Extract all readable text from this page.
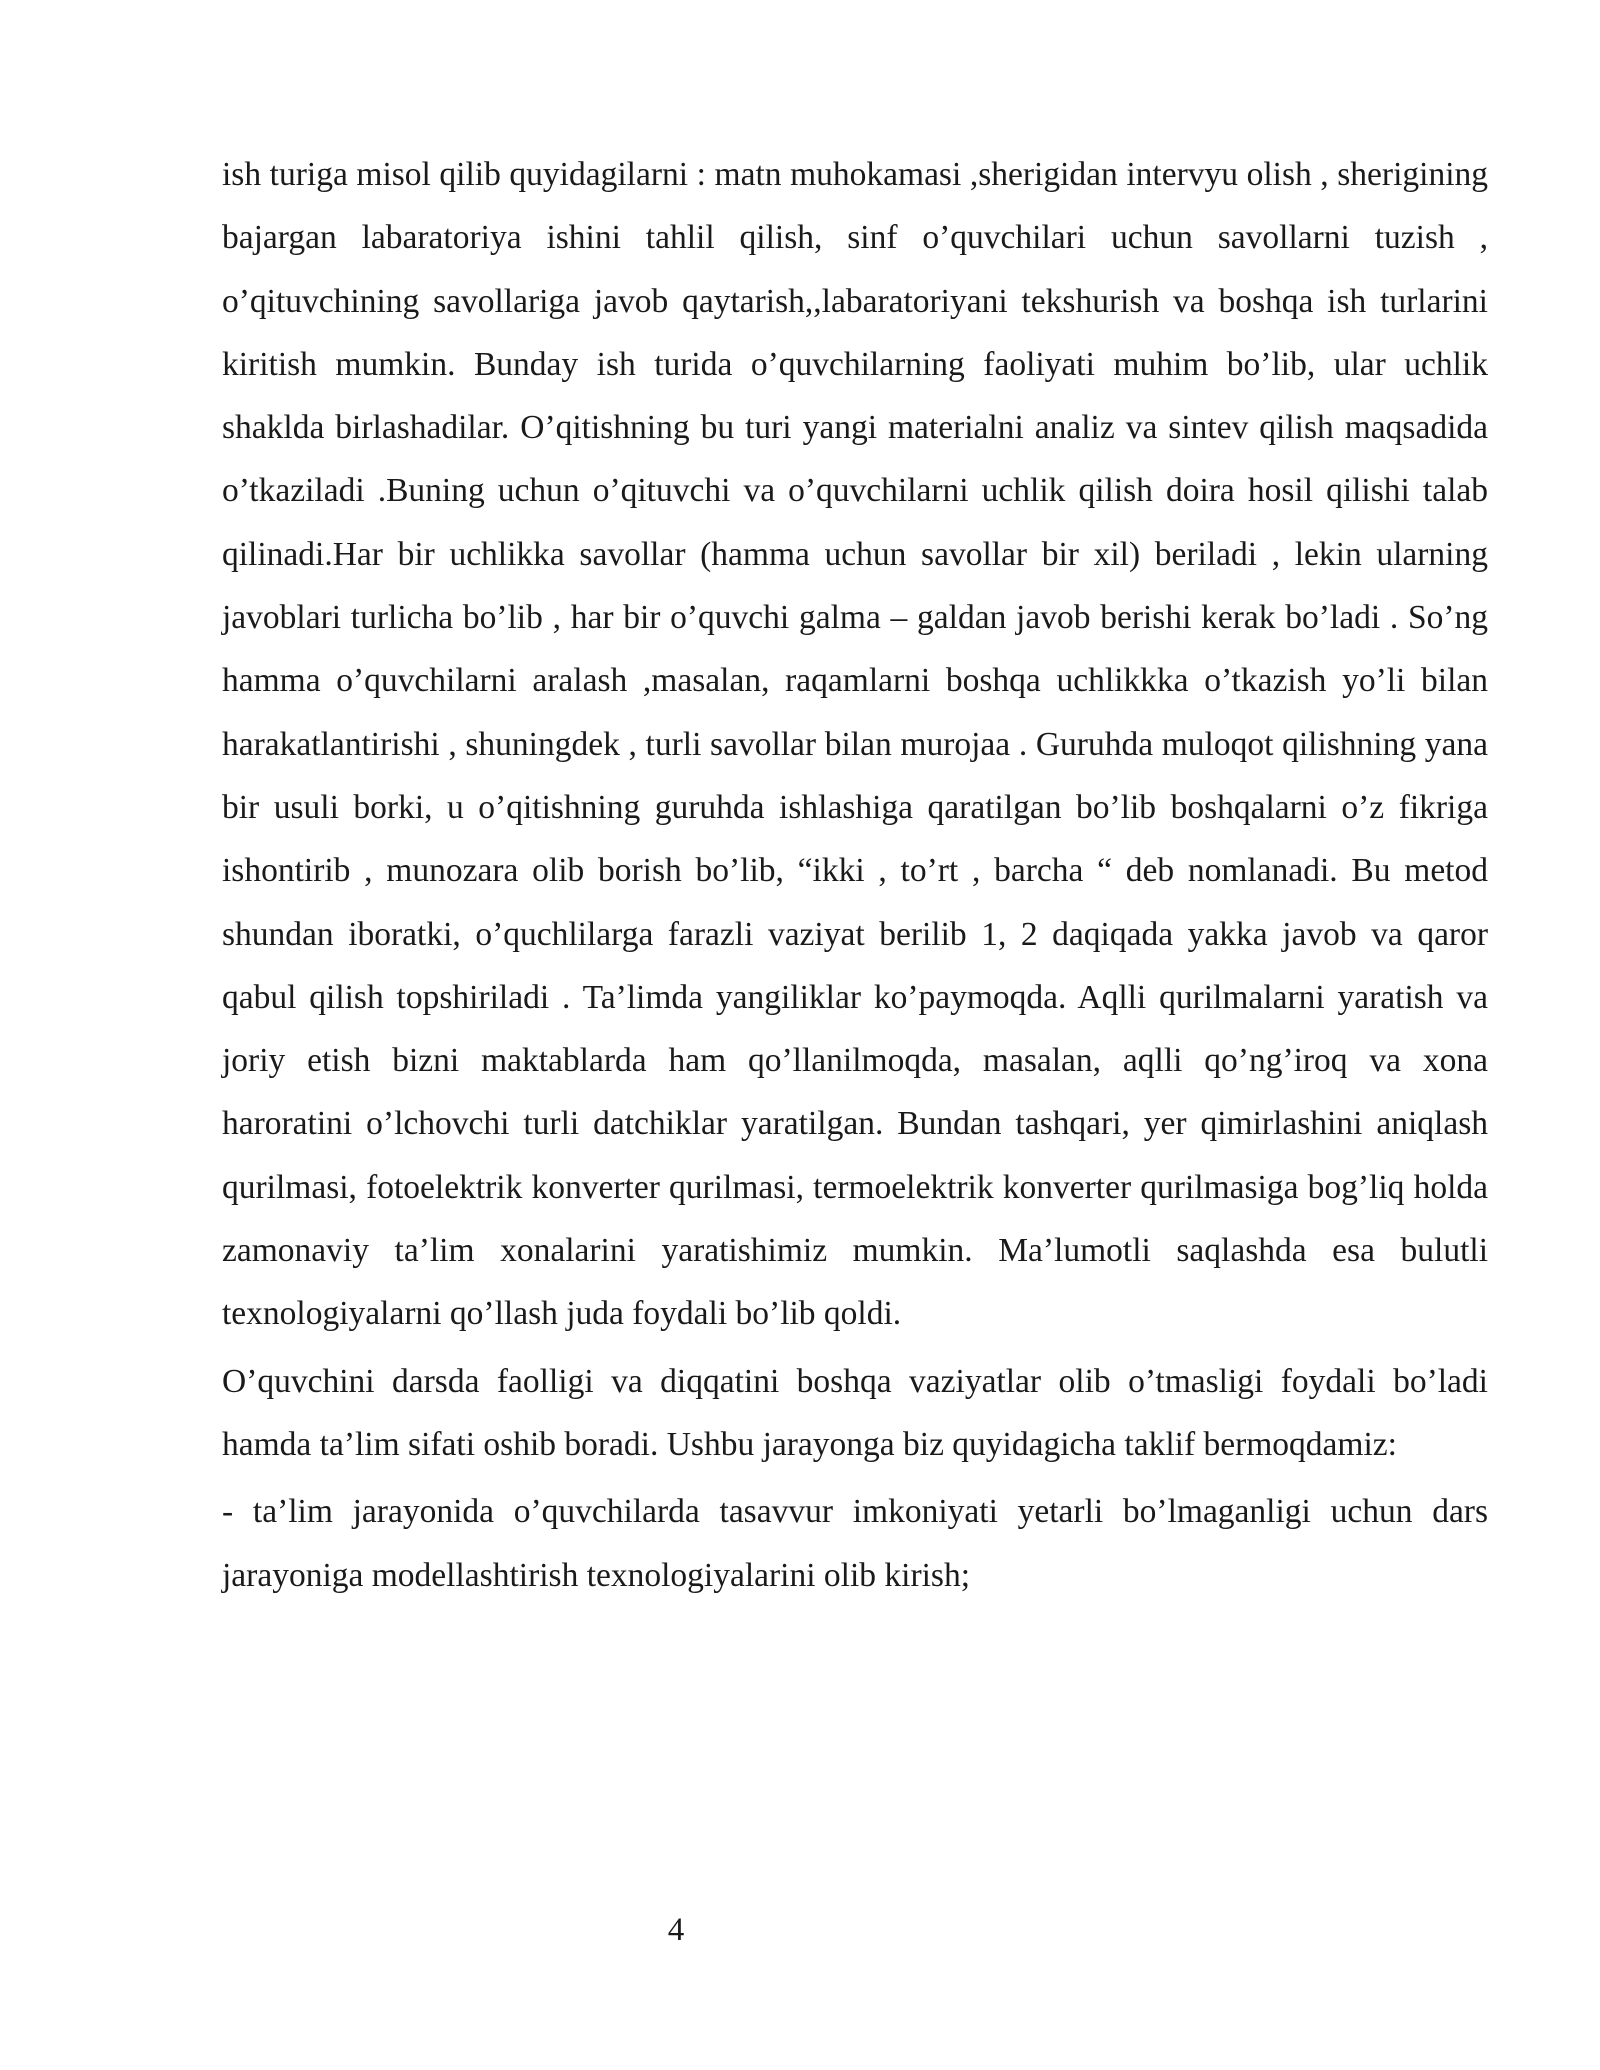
ish turiga misol qilib quyidagilarni : matn muhokamasi ,sherigidan intervyu olish , sherigining bajargan labaratoriya ishini tahlil qilish, sinf o’quvchilari uchun savollarni tuzish , o’qituvchining savollariga javob qaytarish,,labaratoriyani tekshurish va boshqa ish turlarini kiritish mumkin. Bunday ish turida o’quvchilarning faoliyati muhim bo’lib, ular uchlik shaklda birlashadilar. O’qitishning bu turi yangi materialni analiz va sintev qilish maqsadida o’tkaziladi .Buning uchun o’qituvchi va o’quvchilarni uchlik qilish doira hosil qilishi talab qilinadi.Har bir uchlikka savollar (hamma uchun savollar bir xil) beriladi , lekin ularning javoblari turlicha bo’lib , har bir o’quvchi galma – galdan javob berishi kerak bo’ladi . So’ng hamma o’quvchilarni aralash ,masalan, raqamlarni boshqa uchlikkka o’tkazish yo’li bilan harakatlantirishi , shuningdek , turli savollar bilan murojaa . Guruhda muloqot qilishning yana bir usuli borki, u o’qitishning guruhda ishlashiga qaratilgan bo’lib boshqalarni o’z fikriga ishontirib , munozara olib borish bo’lib, “ikki , to’rt , barcha “ deb nomlanadi. Bu metod shundan iboratki, o’quchlilarga farazli vaziyat berilib 1, 2 daqiqada yakka javob va qaror qabul qilish topshiriladi . Ta’limda yangiliklar ko’paymoqda. Aqlli qurilmalarni yaratish va joriy etish bizni maktablarda ham qo’llanilmoqda, masalan, aqlli qo’ng’iroq va xona haroratini o’lchovchi turli datchiklar yaratilgan. Bundan tashqari, yer qimirlashini aniqlash qurilmasi, fotoelektrik konverter qurilmasi, termoelektrik konverter qurilmasiga bog’liq holda zamonaviy ta’lim xonalarini yaratishimiz mumkin. Ma’lumotli saqlashda esa bulutli texnologiyalarni qo’llash juda foydali bo’lib qoldi.

O’quvchini darsda faolligi va diqqatini boshqa vaziyatlar olib o’tmasligi foydali bo’ladi hamda ta’lim sifati oshib boradi. Ushbu jarayonga biz quyidagicha taklif bermoqdamiz:

- ta’lim jarayonida o’quvchilarda tasavvur imkoniyati yetarli bo’lmaganligi uchun dars jarayoniga modellashtirish texnologiyalarini olib kirish;

4
